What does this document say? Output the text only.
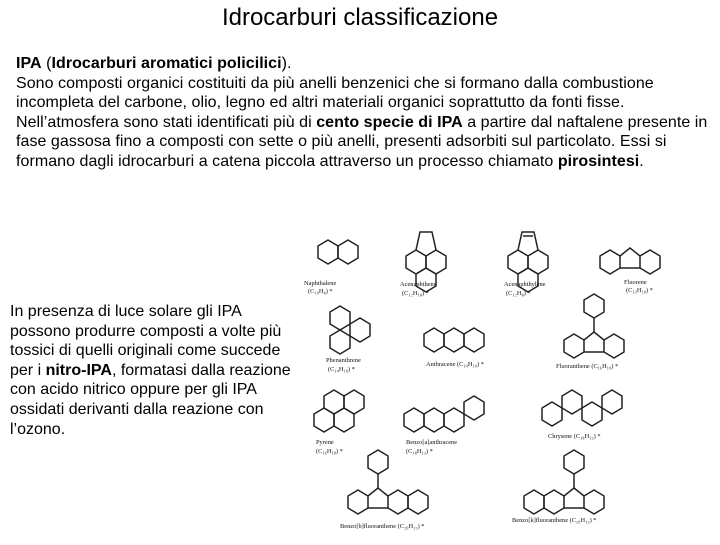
Idrocarburi classificazione

IPA (Idrocarburi aromatici policilici).

Sono composti organici costituiti da più anelli benzenici che si formano dalla combustione incompleta del carbone, olio, legno ed altri materiali organici soprattutto da fonti fisse.

Nell’atmosfera sono stati identificati più di cento specie di IPA a partire dal naftalene presente in fase gassosa fino a composti con sette o più anelli, presenti adsorbiti sul particolato. Essi si formano dagli idrocarburi a catena piccola attraverso un processo chiamato pirosintesi.

In presenza di luce solare gli IPA possono produrre composti a volte più tossici di quelli originali come succede per i nitro-IPA, formatasi dalla reazione con acido nitrico oppure per gli IPA ossidati derivanti dalla reazione con l’ozono.
Naphthalene
(C₁₀H₈) *
Acenaphthene
(C₁₂H₁₀) *
Acenaphthylene
(C₁₂H₈) *
Fluorene
(C₁₃H₁₀) *
Phenanthrene
(C₁₄H₁₀) *
Anthracene (C₁₄H₁₀) *	Fluoranthene (C₁₆H₁₀) *
Pyrene
(C₁₆H₁₀) *
Benzo[a]anthracene
(C₁₈H₁₂) *
Chrysene (C₁₈H₁₂) *
Benzo[b]fluoranthene (C₂₀H₁₂) *
Benzo[k]fluoranthene (C₂₀H₁₂) *
